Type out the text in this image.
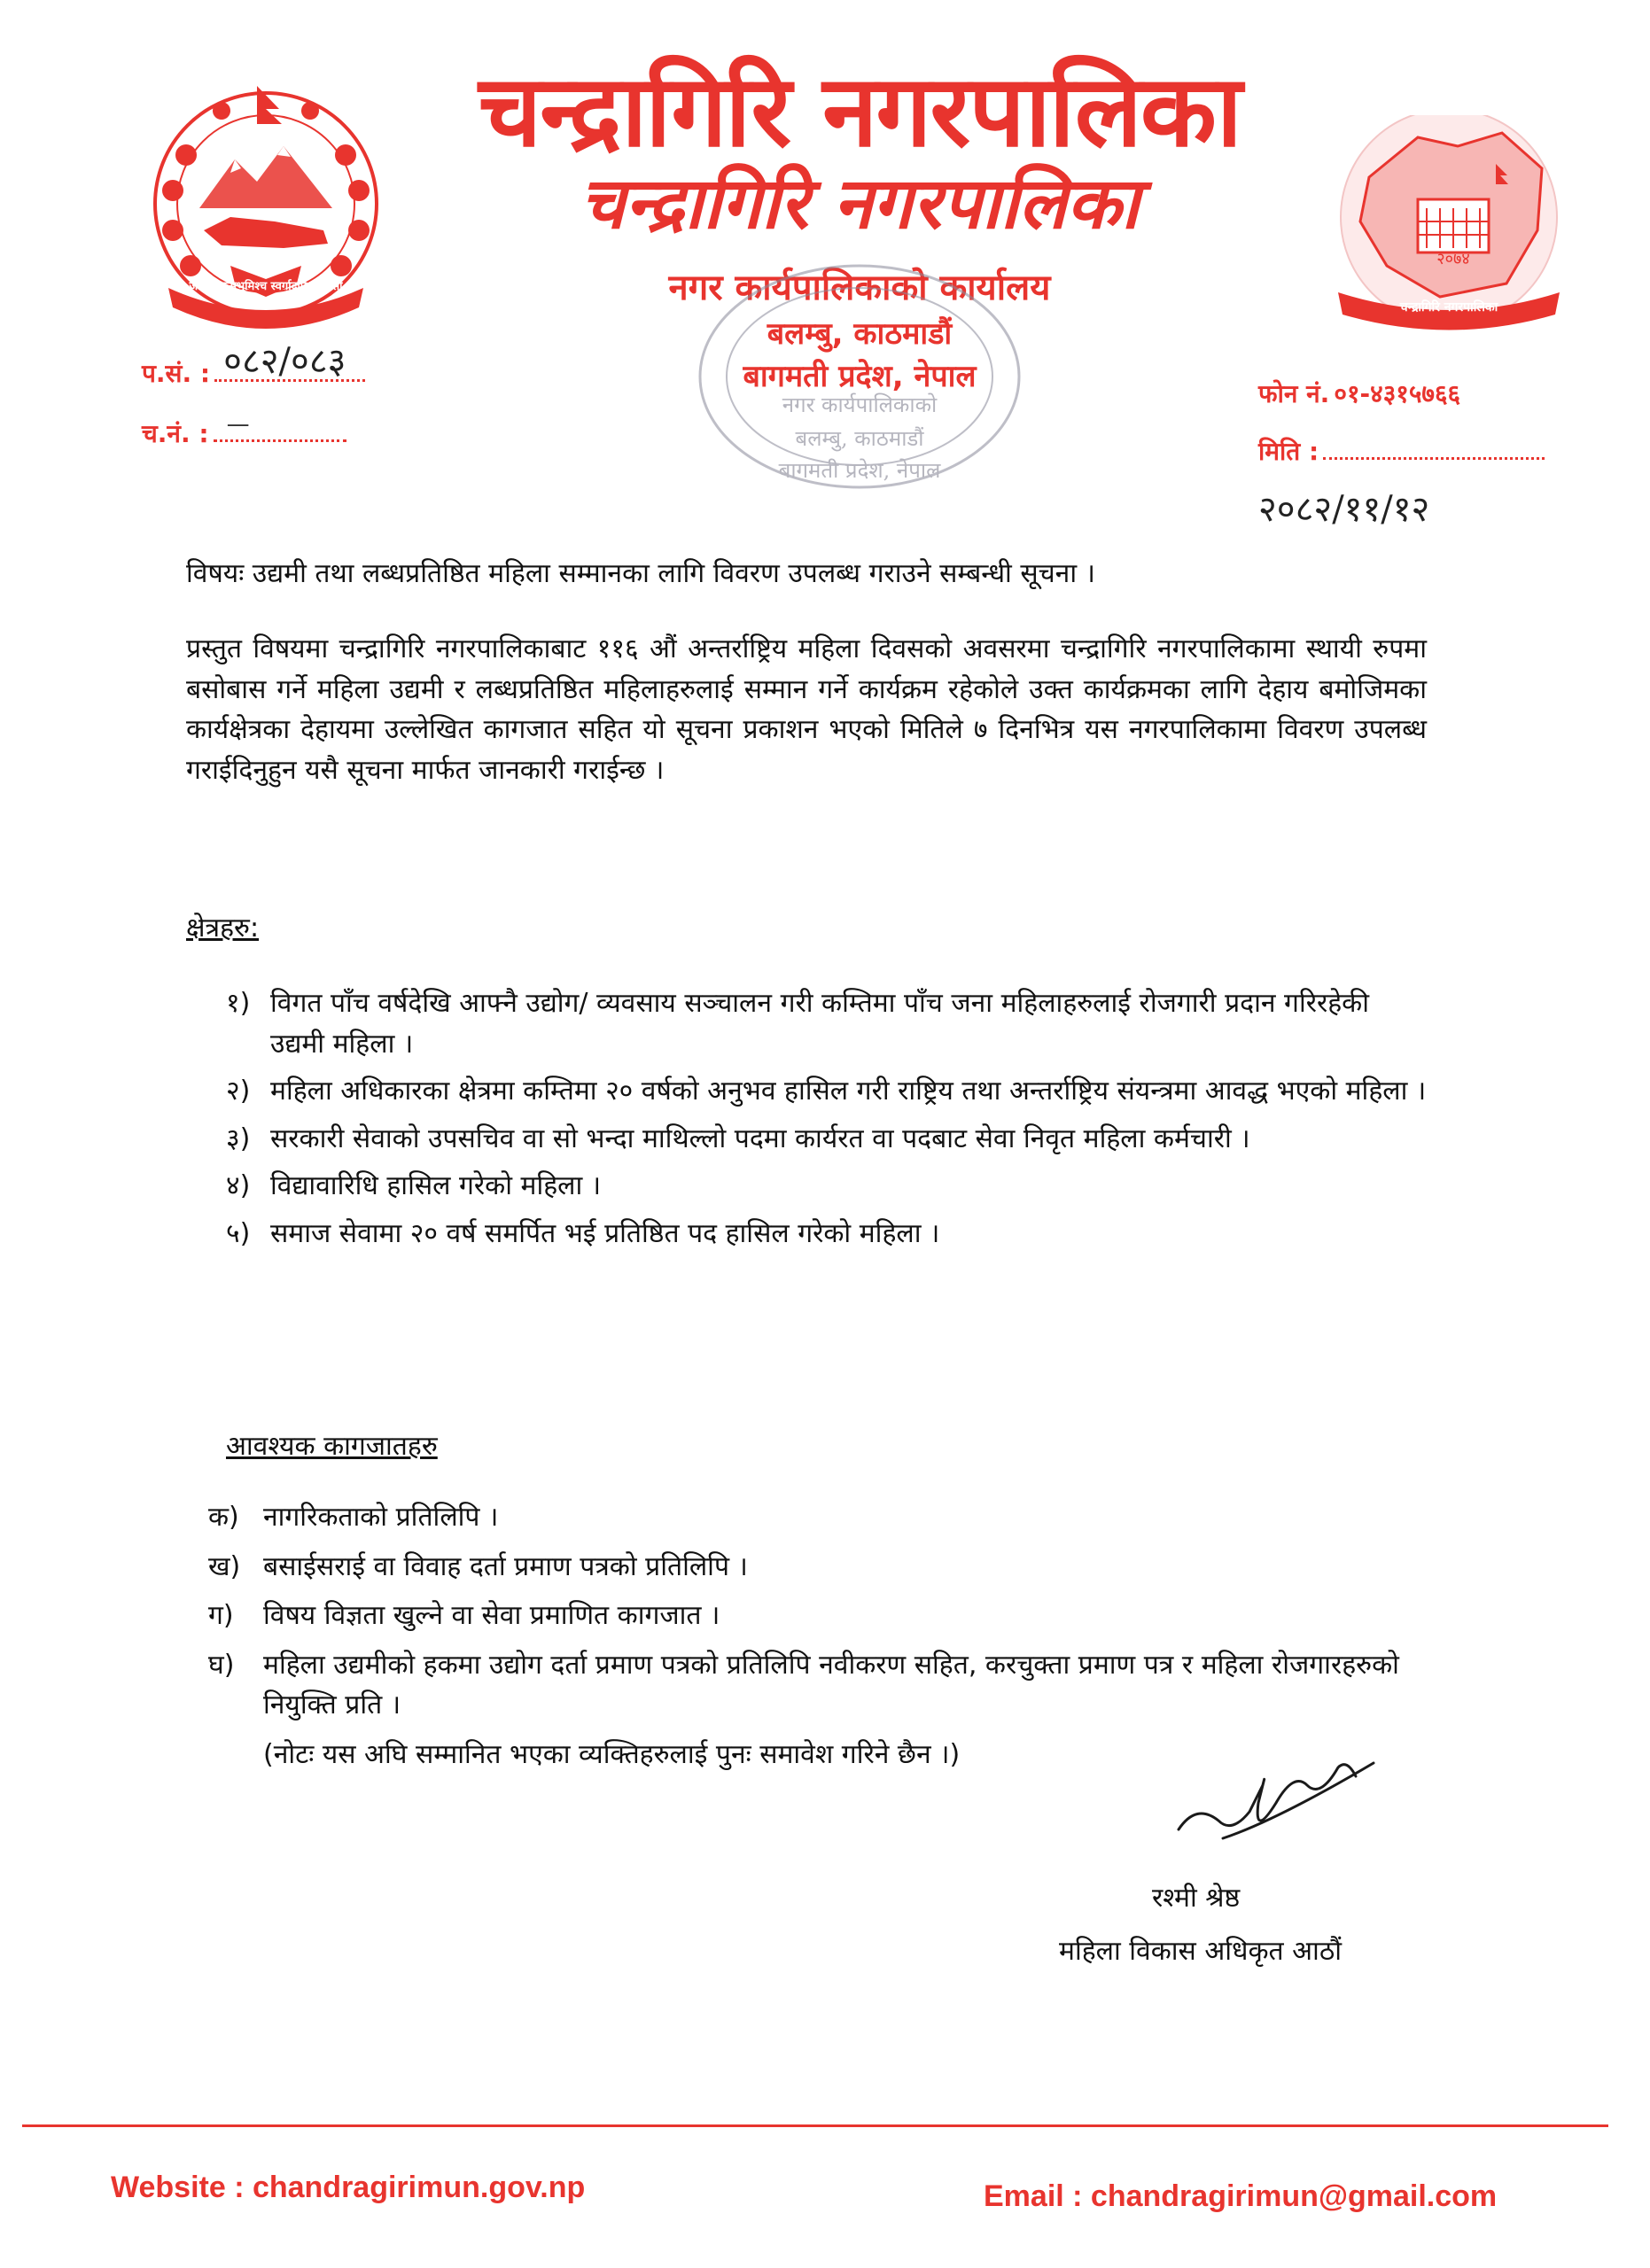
जननी जन्मभूमिश्च स्वर्गादपि गरीयसी
चन्द्रागिरि नगरपालिका
चन्द्रागिरि नगरपालिका
नगर कार्यपालिकाको कार्यालय
बलम्बु, काठमाडौं
बागमती प्रदेश, नेपाल
२०७४
चन्द्रागिरि नगरपालिका
प.सं. : ०८२/०८३
च.नं. : —
फोन नं. ०१-४३१५७६६
मिति :
२०८२/११/१२
नगर कार्यपालिकाको
बलम्बु, काठमाडौं
बागमती प्रदेश, नेपाल
विषयः उद्यमी तथा लब्धप्रतिष्ठित महिला सम्मानका लागि विवरण उपलब्ध गराउने सम्बन्धी सूचना ।
प्रस्तुत विषयमा चन्द्रागिरि नगरपालिकाबाट ११६ औं अन्तर्राष्ट्रिय महिला दिवसको अवसरमा चन्द्रागिरि नगरपालिकामा स्थायी रुपमा बसोबास गर्ने महिला उद्यमी र लब्धप्रतिष्ठित महिलाहरुलाई सम्मान गर्ने कार्यक्रम रहेकोले उक्त कार्यक्रमका लागि देहाय बमोजिमका कार्यक्षेत्रका देहायमा उल्लेखित कागजात सहित यो सूचना प्रकाशन भएको मितिले ७ दिनभित्र यस नगरपालिकामा विवरण उपलब्ध गराईदिनुहुन यसै सूचना मार्फत जानकारी गराईन्छ ।
क्षेत्रहरु:
१) विगत पाँच वर्षदेखि आफ्नै उद्योग/ व्यवसाय सञ्चालन गरी कम्तिमा पाँच जना महिलाहरुलाई रोजगारी प्रदान गरिरहेकी उद्यमी महिला ।
२) महिला अधिकारका क्षेत्रमा कम्तिमा २० वर्षको अनुभव हासिल गरी राष्ट्रिय तथा अन्तर्राष्ट्रिय संयन्त्रमा आवद्ध भएको महिला ।
३) सरकारी सेवाको उपसचिव वा सो भन्दा माथिल्लो पदमा कार्यरत वा पदबाट सेवा निवृत महिला कर्मचारी ।
४) विद्यावारिधि हासिल गरेको महिला ।
५) समाज सेवामा २० वर्ष समर्पित भई प्रतिष्ठित पद हासिल गरेको महिला ।
आवश्यक कागजातहरु
क) नागरिकताको प्रतिलिपि ।
ख) बसाईसराई वा विवाह दर्ता प्रमाण पत्रको प्रतिलिपि ।
ग)	विषय विज्ञता खुल्ने वा सेवा प्रमाणित कागजात ।
घ)	महिला उद्यमीको हकमा उद्योग दर्ता प्रमाण पत्रको प्रतिलिपि नवीकरण सहित, करचुक्ता प्रमाण पत्र र महिला रोजगारहरुको नियुक्ति प्रति ।
(नोटः यस अघि सम्मानित भएका व्यक्तिहरुलाई पुनः समावेश गरिने छैन ।)
रश्मी श्रेष्ठ
महिला विकास अधिकृत आठौं
Website : chandragirimun.gov.np	Email : chandragirimun@gmail.com
